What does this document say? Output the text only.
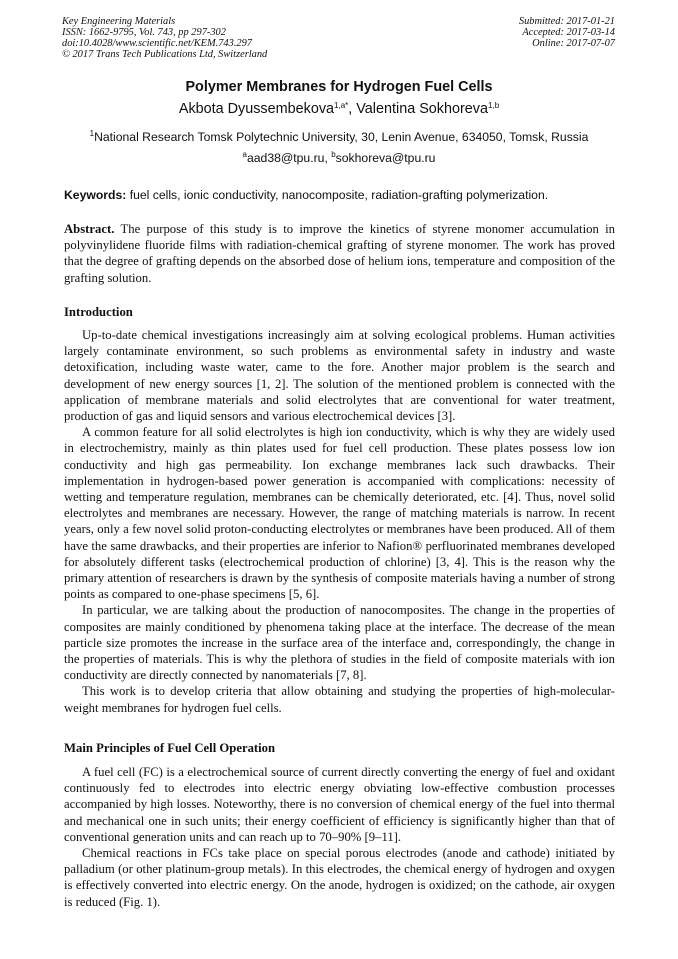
Key Engineering Materials
ISSN: 1662-9795, Vol. 743, pp 297-302
doi:10.4028/www.scientific.net/KEM.743.297
© 2017 Trans Tech Publications Ltd, Switzerland
Submitted: 2017-01-21
Accepted: 2017-03-14
Online: 2017-07-07
Polymer Membranes for Hydrogen Fuel Cells
Akbota Dyussembekova$^{1,a*}$, Valentina Sokhoreva$^{1,b}$
$^1$National Research Tomsk Polytechnic University, 30, Lenin Avenue, 634050, Tomsk, Russia
$^a$aad38@tpu.ru, $^b$sokhoreva@tpu.ru
Keywords: fuel cells, ionic conductivity, nanocomposite, radiation-grafting polymerization.

Abstract. The purpose of this study is to improve the kinetics of styrene monomer accumulation in polyvinylidene fluoride films with radiation-chemical grafting of styrene monomer. The work has proved that the degree of grafting depends on the absorbed dose of helium ions, temperature and composition of the grafting solution.

Introduction

Up-to-date chemical investigations increasingly aim at solving ecological problems. Human activities largely contaminate environment, so such problems as environmental safety in industry and waste detoxification, including waste water, came to the fore. Another major problem is the search and development of new energy sources [1, 2]. The solution of the mentioned problem is connected with the application of membrane materials and solid electrolytes that are conventional for water treatment, production of gas and liquid sensors and various electrochemical devices [3].

A common feature for all solid electrolytes is high ion conductivity, which is why they are widely used in electrochemistry, mainly as thin plates used for fuel cell production. These plates possess low ion conductivity and high gas permeability. Ion exchange membranes lack such drawbacks. Their implementation in hydrogen-based power generation is accompanied with complications: necessity of wetting and temperature regulation, membranes can be chemically deteriorated, etc. [4]. Thus, novel solid electrolytes and membranes are necessary. However, the range of matching materials is narrow. In recent years, only a few novel solid proton-conducting electrolytes or membranes have been produced. All of them have the same drawbacks, and their properties are inferior to Nafion® perfluorinated membranes developed for absolutely different tasks (electrochemical production of chlorine) [3, 4]. This is the reason why the primary attention of researchers is drawn by the synthesis of composite materials having a number of strong points as compared to one-phase specimens [5, 6].

In particular, we are talking about the production of nanocomposites. The change in the properties of composites are mainly conditioned by phenomena taking place at the interface. The decrease of the mean particle size promotes the increase in the surface area of the interface and, correspondingly, the change in the properties of materials. This is why the plethora of studies in the field of composite materials with ion conductivity are directly connected by nanomaterials [7, 8].

This work is to develop criteria that allow obtaining and studying the properties of high-molecular-weight membranes for hydrogen fuel cells.

Main Principles of Fuel Cell Operation

A fuel cell (FC) is a electrochemical source of current directly converting the energy of fuel and oxidant continuously fed to electrodes into electric energy obviating low-effective combustion processes accompanied by high losses. Noteworthy, there is no conversion of chemical energy of the fuel into thermal and mechanical one in such units; their energy coefficient of efficiency is significantly higher than that of conventional generation units and can reach up to 70–90% [9–11].

Chemical reactions in FCs take place on special porous electrodes (anode and cathode) initiated by palladium (or other platinum-group metals). In this electrodes, the chemical energy of hydrogen and oxygen is effectively converted into electric energy. On the anode, hydrogen is oxidized; on the cathode, air oxygen is reduced (Fig. 1).
